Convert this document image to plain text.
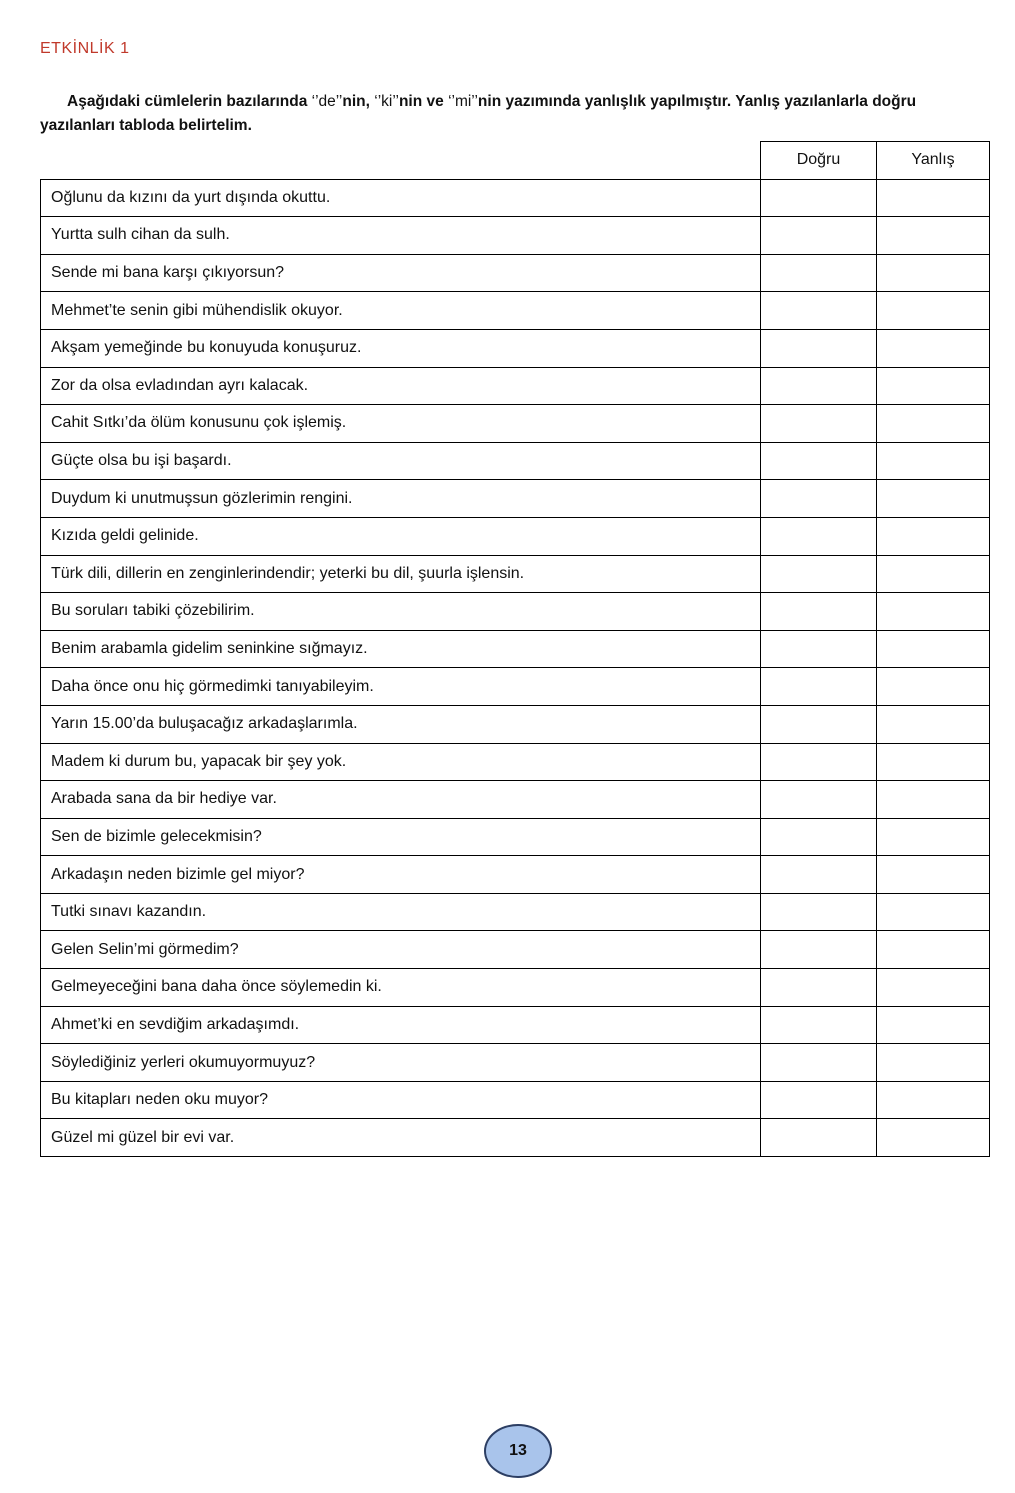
ETKİNLİK 1

Aşağıdaki cümlelerin bazılarında ‘’de’’nin, ‘’ki’’nin ve ‘’mi’’nin yazımında yanlışlık yapılmıştır. Yanlış yazılanlarla doğru yazılanları tabloda belirtelim.

	Doğru	Yanlış
Oğlunu da kızını da yurt dışında okuttu.		
Yurtta sulh cihan da sulh.		
Sende mi bana karşı çıkıyorsun?		
Mehmet’te senin gibi mühendislik okuyor.		
Akşam yemeğinde bu konuyuda konuşuruz.		
Zor da olsa evladından ayrı kalacak.		
Cahit Sıtkı’da ölüm konusunu çok işlemiş.		
Güçte olsa bu işi başardı.		
Duydum ki unutmuşsun gözlerimin rengini.		
Kızıda geldi gelinide.		
Türk dili, dillerin en zenginlerindendir; yeterki bu dil, şuurla işlensin.		
Bu soruları tabiki çözebilirim.		
Benim arabamla gidelim seninkine sığmayız.		
Daha önce onu hiç görmedimki tanıyabileyim.		
Yarın 15.00’da buluşacağız arkadaşlarımla.		
Madem ki durum bu, yapacak bir şey yok.		
Arabada sana da bir hediye var.		
Sen de bizimle gelecekmisin?		
Arkadaşın neden bizimle gel miyor?		
Tutki sınavı kazandın.		
Gelen Selin’mi görmedim?		
Gelmeyeceğini bana daha önce söylemedin ki.		
Ahmet’ki en sevdiğim arkadaşımdı.		
Söylediğiniz yerleri okumuyormuyuz?		
Bu kitapları neden oku muyor?		
Güzel mi güzel bir evi var.		
13
